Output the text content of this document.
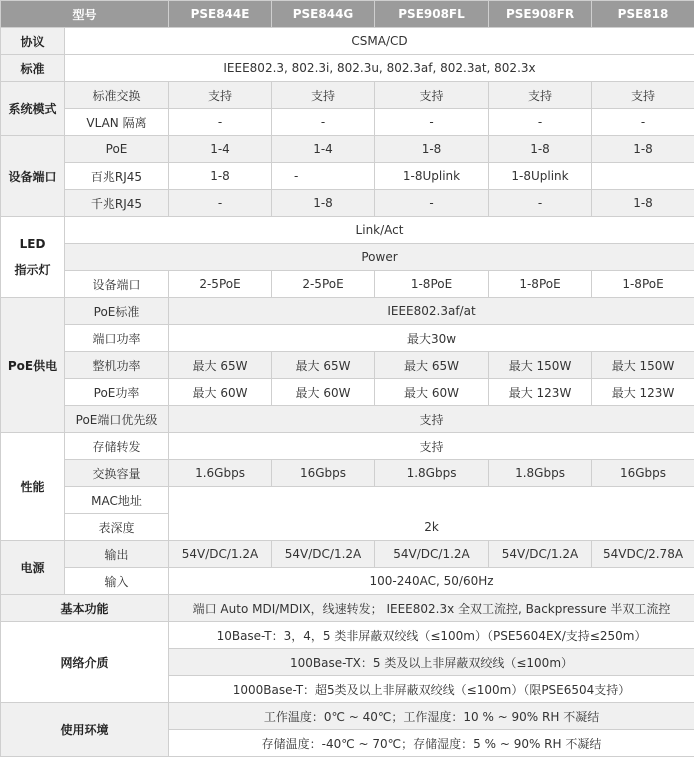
型号		PSE844E	PSE844G	PSE908FL	PSE908FR	PSE818
协议	CSMA/CD					
标准	IEEE802.3, 802.3i, 802.3u, 802.3af, 802.3at, 802.3x					
系统模式	标准交换	支持	支持	支持	支持	支持
	VLAN 隔离	-	-	-	-	-
设备端口	PoE	1-4	1-4	1-8	1-8	1-8
	百兆RJ45	1-8	-	1-8Uplink	1-8Uplink	
	千兆RJ45	-	1-8	-	-	1-8

LED
指示灯	Link/Act					
	Power					
	设备端口	2-5PoE	2-5PoE	1-8PoE	1-8PoE	1-8PoE
PoE供电	PoE标准	IEEE802.3af/at				
	端口功率	最大30w				
	整机功率	最大 65W	最大 65W	最大 65W	最大 150W	最大 150W
	PoE功率	最大 60W	最大 60W	最大 60W	最大 123W	最大 123W
	PoE端口优先级	支持				
性能	存储转发	支持				
	交换容量	1.6Gbps	16Gbps	1.8Gbps	1.8Gbps	16Gbps
	MAC地址	2k				
	表深度					
电源	输出	54V/DC/1.2A	54V/DC/1.2A	54V/DC/1.2A	54V/DC/1.2A	54VDC/2.78A
	输入	100-240AC, 50/60Hz				
基本功能		端口 Auto MDI/MDIX，线速转发； IEEE802.3x 全双工流控, Backpressure 半双工流控				
网络介质		10Base-T：3，4，5 类非屏蔽双绞线（≤100m）（PSE5604EX/支持≤250m）				
		100Base-TX：5 类及以上非屏蔽双绞线（≤100m）				
		1000Base-T：超5类及以上非屏蔽双绞线（≤100m）（限PSE6504支持）				
使用环境		工作温度：0℃ ~ 40℃；工作湿度：10 % ~ 90% RH 不凝结				
		存储温度：-40℃ ~ 70℃；存储湿度：5 % ~ 90% RH 不凝结				
